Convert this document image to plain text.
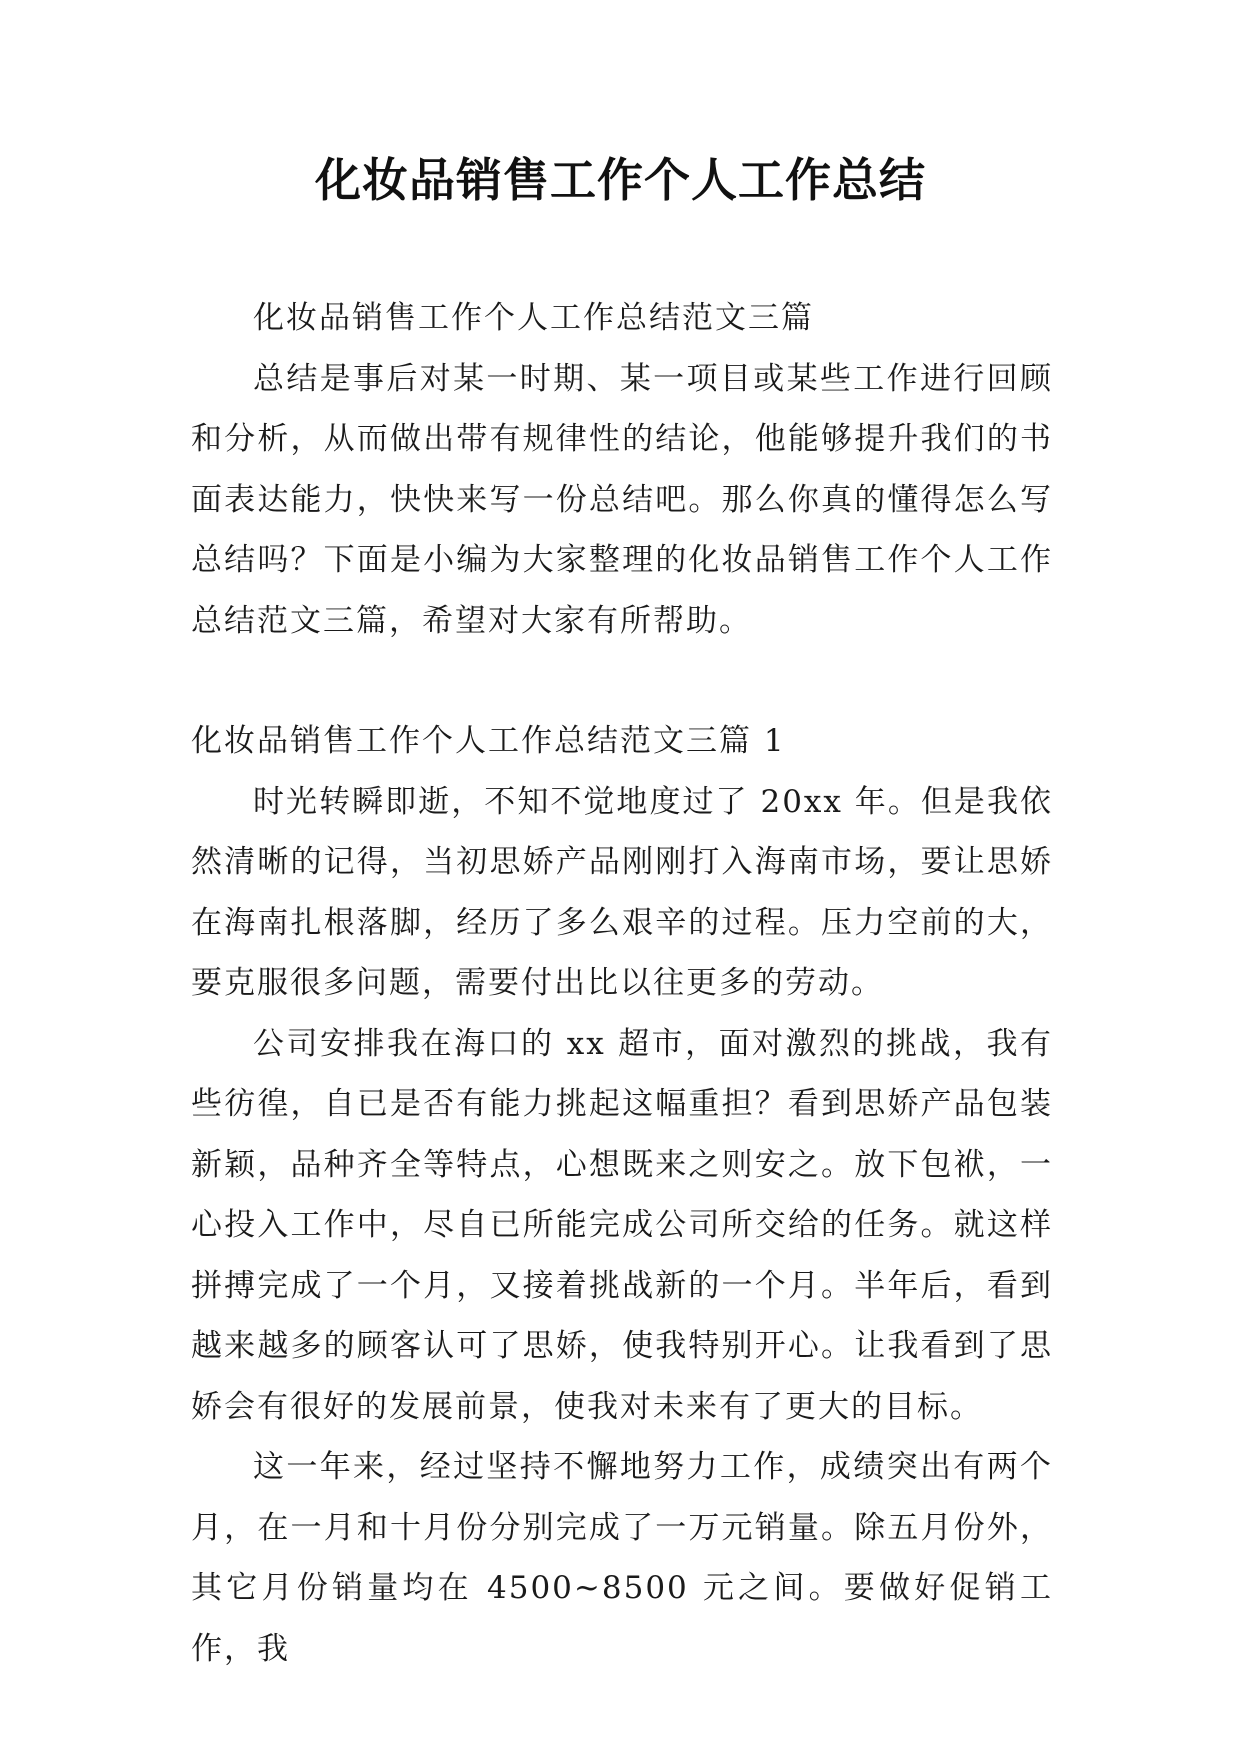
化妆品销售工作个人工作总结

化妆品销售工作个人工作总结范文三篇

总结是事后对某一时期、某一项目或某些工作进行回顾和分析，从而做出带有规律性的结论，他能够提升我们的书面表达能力，快快来写一份总结吧。那么你真的懂得怎么写总结吗？下面是小编为大家整理的化妆品销售工作个人工作总结范文三篇，希望对大家有所帮助。

化妆品销售工作个人工作总结范文三篇 1

时光转瞬即逝，不知不觉地度过了 20xx 年。但是我依然清晰的记得，当初思娇产品刚刚打入海南市场，要让思娇在海南扎根落脚，经历了多么艰辛的过程。压力空前的大，要克服很多问题，需要付出比以往更多的劳动。

公司安排我在海口的 xx 超市，面对激烈的挑战，我有些彷徨，自已是否有能力挑起这幅重担？看到思娇产品包装新颖，品种齐全等特点，心想既来之则安之。放下包袱，一心投入工作中，尽自已所能完成公司所交给的任务。就这样拼搏完成了一个月，又接着挑战新的一个月。半年后，看到越来越多的顾客认可了思娇，使我特别开心。让我看到了思娇会有很好的发展前景，使我对未来有了更大的目标。

这一年来，经过坚持不懈地努力工作，成绩突出有两个月，在一月和十月份分别完成了一万元销量。除五月份外，其它月份销量均在 4500~8500 元之间。要做好促销工作，我
